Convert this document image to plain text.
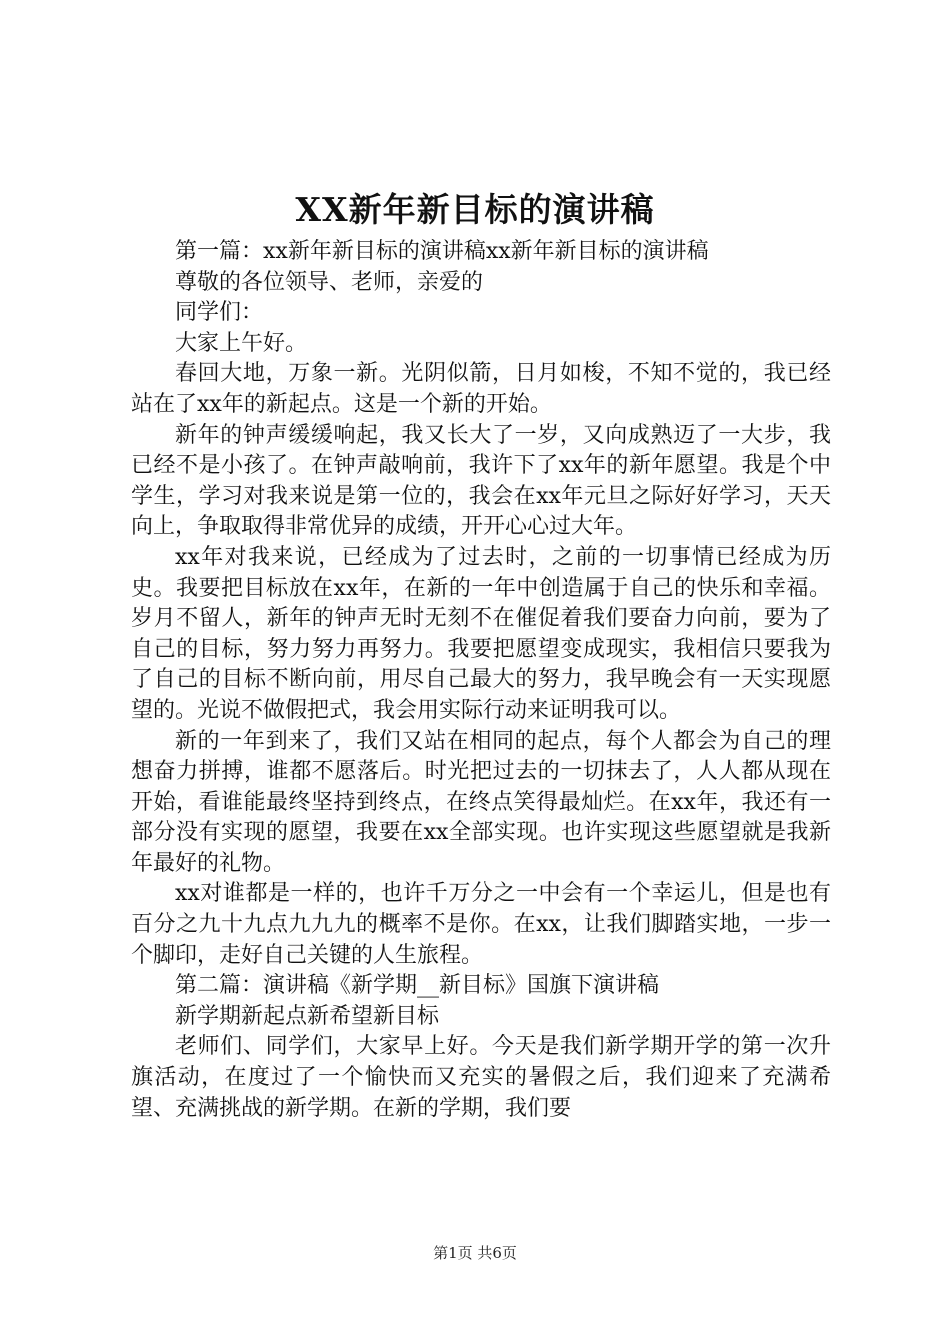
XX新年新目标的演讲稿

第一篇：xx新年新目标的演讲稿xx新年新目标的演讲稿

尊敬的各位领导、老师，亲爱的

同学们：

大家上午好。

春回大地，万象一新。光阴似箭，日月如梭，不知不觉的，我已经站在了xx年的新起点。这是一个新的开始。

新年的钟声缓缓响起，我又长大了一岁，又向成熟迈了一大步，我已经不是小孩了。在钟声敲响前，我许下了xx年的新年愿望。我是个中学生，学习对我来说是第一位的，我会在xx年元旦之际好好学习，天天向上，争取取得非常优异的成绩，开开心心过大年。

xx年对我来说，已经成为了过去时，之前的一切事情已经成为历史。我要把目标放在xx年，在新的一年中创造属于自己的快乐和幸福。岁月不留人，新年的钟声无时无刻不在催促着我们要奋力向前，要为了自己的目标，努力努力再努力。我要把愿望变成现实，我相信只要我为了自己的目标不断向前，用尽自己最大的努力，我早晚会有一天实现愿望的。光说不做假把式，我会用实际行动来证明我可以。

新的一年到来了，我们又站在相同的起点，每个人都会为自己的理想奋力拼搏，谁都不愿落后。时光把过去的一切抹去了，人人都从现在开始，看谁能最终坚持到终点，在终点笑得最灿烂。在xx年，我还有一部分没有实现的愿望，我要在xx全部实现。也许实现这些愿望就是我新年最好的礼物。

xx对谁都是一样的，也许千万分之一中会有一个幸运儿，但是也有百分之九十九点九九九的概率不是你。在xx，让我们脚踏实地，一步一个脚印，走好自己关键的人生旅程。

第二篇：演讲稿《新学期__新目标》国旗下演讲稿

新学期新起点新希望新目标

老师们、同学们，大家早上好。今天是我们新学期开学的第一次升旗活动，在度过了一个愉快而又充实的暑假之后，我们迎来了充满希望、充满挑战的新学期。在新的学期，我们要

第1页 共6页
